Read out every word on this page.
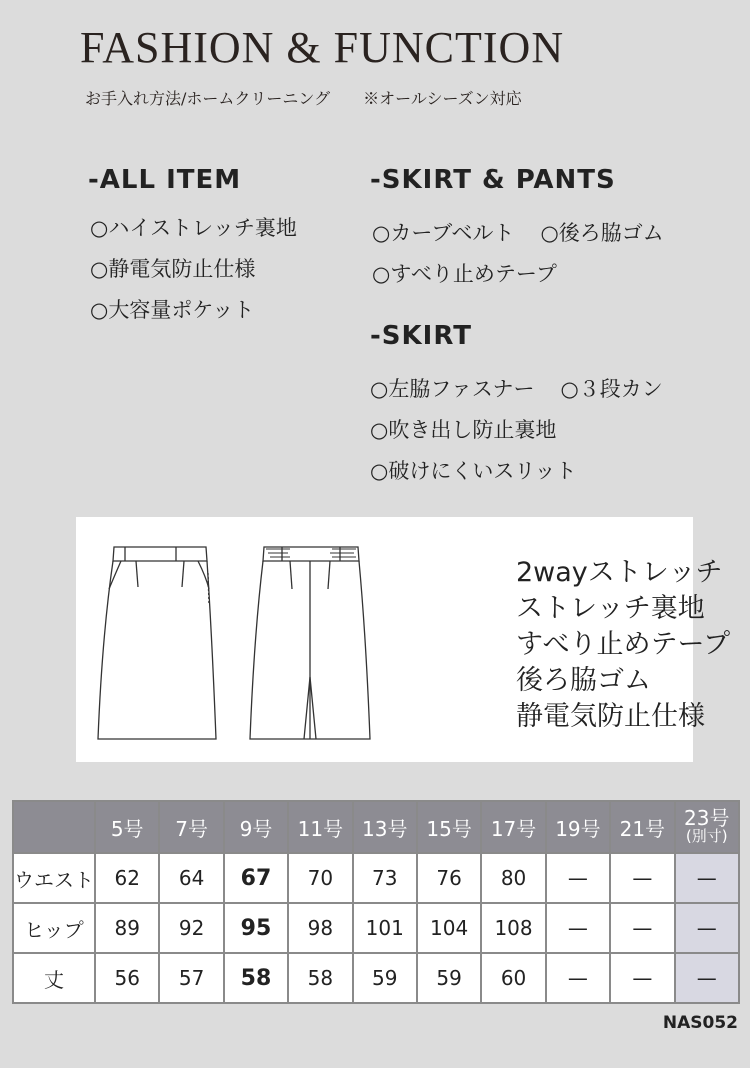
FASHION & FUNCTION
お手入れ方法/ホームクリーニング ※オールシーズン対応
-ALL ITEM
○ハイストレッチ裏地
○静電気防止仕様
○大容量ポケット
-SKIRT & PANTS
○カーブベルト ○後ろ脇ゴム
○すべり止めテープ
-SKIRT
○左脇ファスナー ○３段カン
○吹き出し防止裏地
○破けにくいスリット
2wayストレッチ
ストレッチ裏地
すべり止めテープ
後ろ脇ゴム
静電気防止仕様
	5号	7号	9号	11号	13号	15号	17号	19号	21号	23号
(別寸)

ウエスト	62	64	67	70	73	76	80	—	—	—
ヒップ	89	92	95	98	101	104	108	—	—	—
丈	56	57	58	58	59	59	60	—	—	—
NAS052
